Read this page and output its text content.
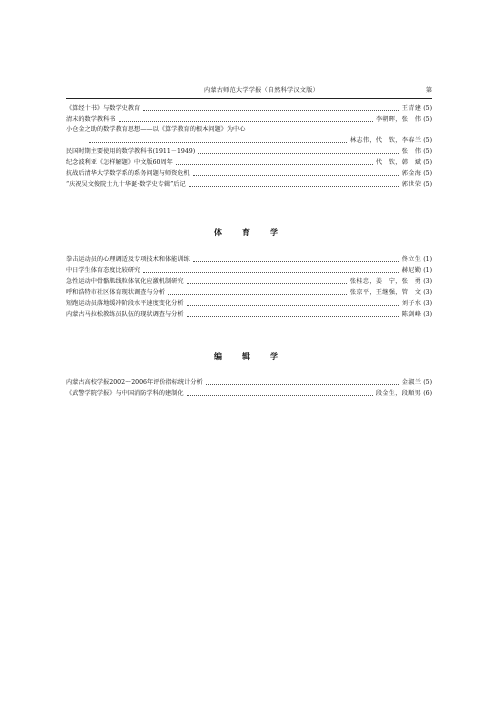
内蒙古师范大学学报（自然科学汉文版）	第
《算经十书》与数学史教育	王青建 (5)
清末的数学教科书	李朝晖，张　伟 (5)
小仓金之助的数学教育思想——以《算学教育的根本问题》为中心
林志伟，代　钦，李春兰 (5)
民国时期主要使用的数学教科书(1911－1949)	张　伟 (5)
纪念波利亚《怎样解题》中文版60周年	代　钦，韩　斌 (5)
抗战后清华大学数学系的系务问题与师资危机	郭金海 (5)
“庆祝吴文俊院士九十华诞·数学史专辑”后记	郭世荣 (5)
体　育　学
拳击运动员的心理调适及专项技术和体能训练	佟立生 (1)
中日学生体育态度比较研究	赫尼勤 (1)
急性运动中骨骼肌线粒体氧化应激机制研究	张桂忠，姜　宁，张　勇 (3)
呼和浩特市社区体育现状调查与分析	张京平，王继强，管　文 (3)
短跑运动员落地缓冲阶段水平速度变化分析	刘子水 (3)
内蒙古马拉松教练员队伍的现状调查与分析	陈剑峰 (3)
编　辑　学
内蒙古高校学报2002～2006年评价指标统计分析	金淑兰 (5)
《武警学院学报》与中国消防学科的建制化	段金生，段順男 (6)
